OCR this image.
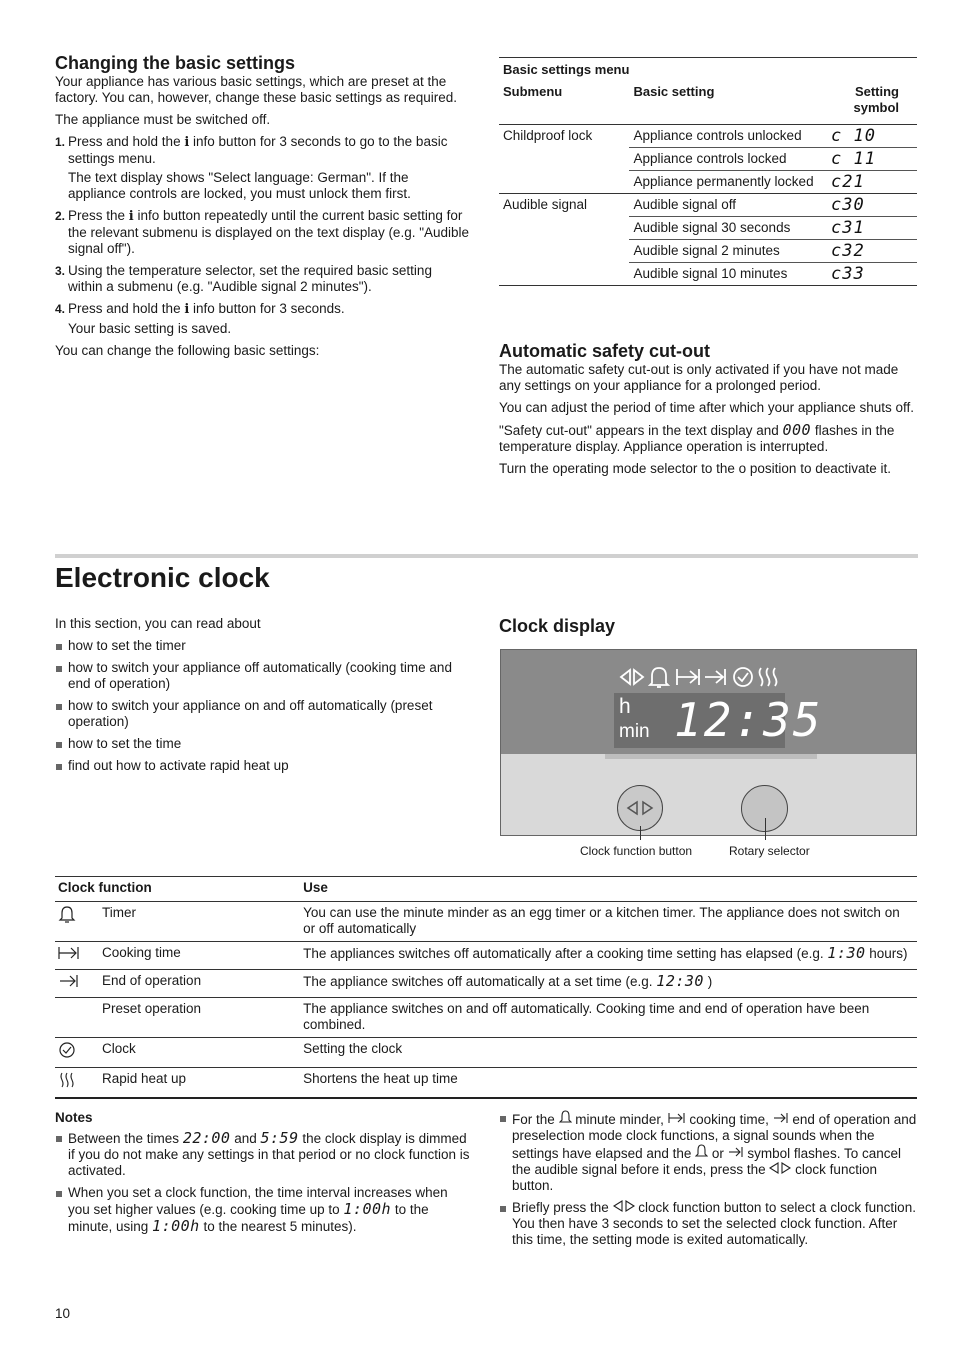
Changing the basic settings

Your appliance has various basic settings, which are preset at the factory. You can, however, change these basic settings as required.

The appliance must be switched off.

1. Press and hold the i info button for 3 seconds to go to the basic settings menu.
The text display shows "Select language: German". If the appliance controls are locked, you must unlock them first.
2. Press the i info button repeatedly until the current basic setting for the relevant submenu is displayed on the text display (e.g. "Audible signal off").
3. Using the temperature selector, set the required basic setting within a submenu (e.g. "Audible signal 2 minutes").
4. Press and hold the i info button for 3 seconds.
Your basic setting is saved.

You can change the following basic settings:

Basic settings menu		
Submenu	Basic setting	Setting symbol
Childproof lock	Appliance controls unlocked	c 10
	Appliance controls locked	c 11
	Appliance permanently locked	c21
Audible signal	Audible signal off	c30
	Audible signal 30 seconds	c31
	Audible signal 2 minutes	c32
	Audible signal 10 minutes	c33
Automatic safety cut-out

The automatic safety cut-out is only activated if you have not made any settings on your appliance for a prolonged period.

You can adjust the period of time after which your appliance shuts off.

"Safety cut-out" appears in the text display and 000 flashes in the temperature display. Appliance operation is interrupted.

Turn the operating mode selector to the o position to deactivate it.

Electronic clock

In this section, you can read about

how to set the timer
how to switch your appliance off automatically (cooking time and end of operation)
how to switch your appliance on and off automatically (preset operation)
how to set the time
find out how to activate rapid heat up
Clock display
h
min 12:35
Clock function button	Rotary selector
Clock function		Use
	Timer	You can use the minute minder as an egg timer or a kitchen timer. The appliance does not switch on or off automatically
	Cooking time	The appliances switches off automatically after a cooking time setting has elapsed (e.g. 1:30 hours)
	End of operation	The appliance switches off automatically at a set time (e.g. 12:30 )
	Preset operation	The appliance switches on and off automatically. Cooking time and end of operation have been combined.
	Clock	Setting the clock
	Rapid heat up	Shortens the heat up time
Notes
Between the times 22:00 and 5:59 the clock display is dimmed if you do not make any settings in that period or no clock function is activated.
When you set a clock function, the time interval increases when you set higher values (e.g. cooking time up to 1:00h to the minute, using 1:00h to the nearest 5 minutes).
For the  minute minder,  cooking time,  end of operation and preselection mode clock functions, a signal sounds when the settings have elapsed and the  or  symbol flashes. To cancel the audible signal before it ends, press the  clock function button.
Briefly press the  clock function button to select a clock function. You then have 3 seconds to set the selected clock function. After this time, the setting mode is exited automatically.
10
